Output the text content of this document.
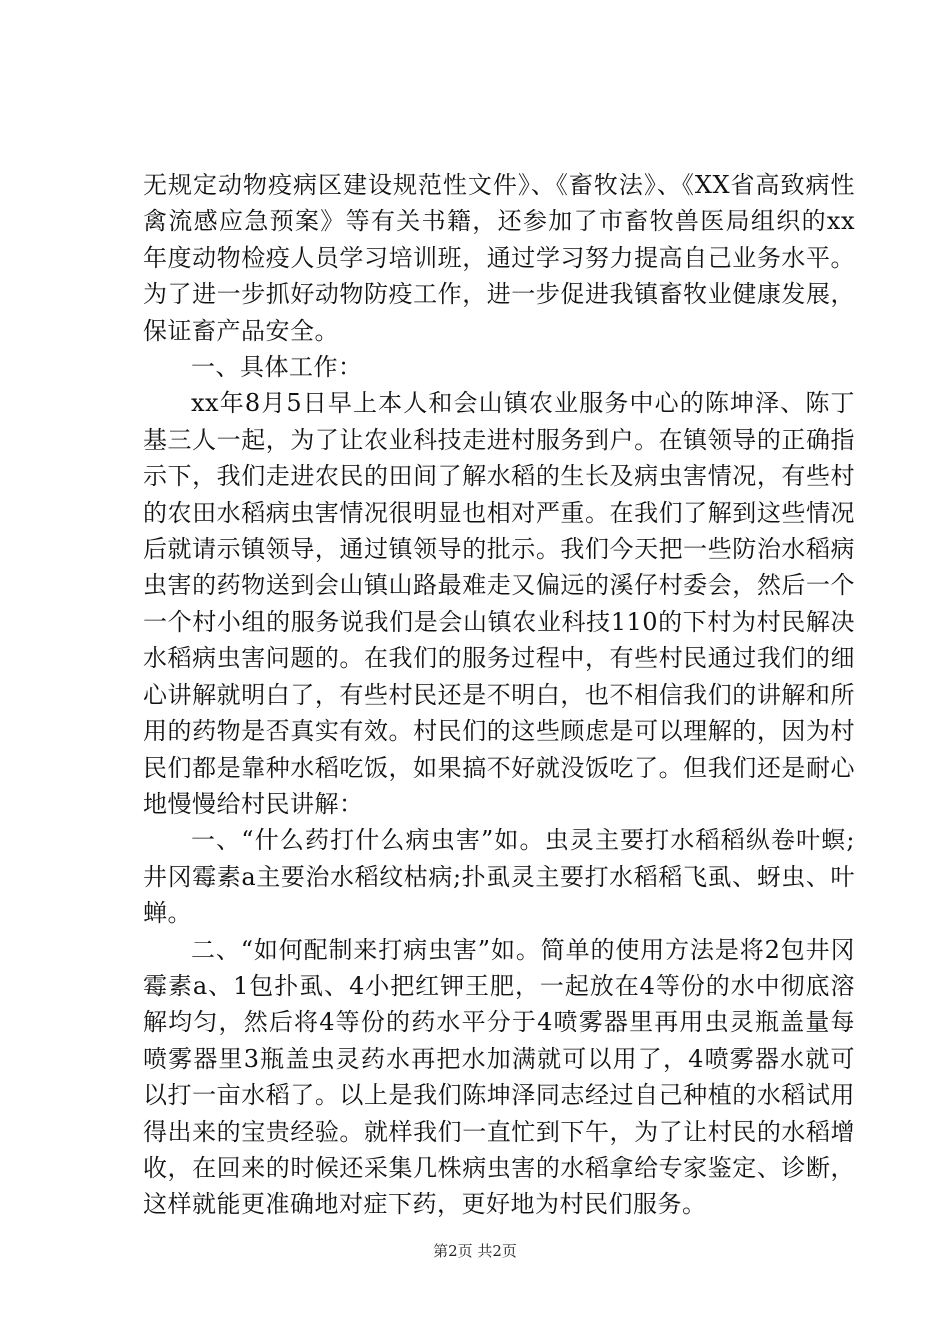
无规定动物疫病区建设规范性文件》、《畜牧法》、《XX省高致病性禽流感应急预案》等有关书籍，还参加了市畜牧兽医局组织的xx年度动物检疫人员学习培训班，通过学习努力提高自己业务水平。为了进一步抓好动物防疫工作，进一步促进我镇畜牧业健康发展，保证畜产品安全。

一、具体工作：

xx年8月5日早上本人和会山镇农业服务中心的陈坤泽、陈丁基三人一起，为了让农业科技走进村服务到户。在镇领导的正确指示下，我们走进农民的田间了解水稻的生长及病虫害情况，有些村的农田水稻病虫害情况很明显也相对严重。在我们了解到这些情况后就请示镇领导，通过镇领导的批示。我们今天把一些防治水稻病虫害的药物送到会山镇山路最难走又偏远的溪仔村委会，然后一个一个村小组的服务说我们是会山镇农业科技110的下村为村民解决水稻病虫害问题的。在我们的服务过程中，有些村民通过我们的细心讲解就明白了，有些村民还是不明白，也不相信我们的讲解和所用的药物是否真实有效。村民们的这些顾虑是可以理解的，因为村民们都是靠种水稻吃饭，如果搞不好就没饭吃了。但我们还是耐心地慢慢给村民讲解：

一、“什么药打什么病虫害”如。虫灵主要打水稻稻纵卷叶螟;井冈霉素a主要治水稻纹枯病;扑虱灵主要打水稻稻飞虱、蚜虫、叶蝉。

二、“如何配制来打病虫害”如。简单的使用方法是将2包井冈霉素a、1包扑虱、4小把红钾王肥，一起放在4等份的水中彻底溶解均匀，然后将4等份的药水平分于4喷雾器里再用虫灵瓶盖量每喷雾器里3瓶盖虫灵药水再把水加满就可以用了，4喷雾器水就可以打一亩水稻了。以上是我们陈坤泽同志经过自己种植的水稻试用得出来的宝贵经验。就样我们一直忙到下午，为了让村民的水稻增收，在回来的时候还采集几株病虫害的水稻拿给专家鉴定、诊断，这样就能更准确地对症下药，更好地为村民们服务。

第2页 共2页
